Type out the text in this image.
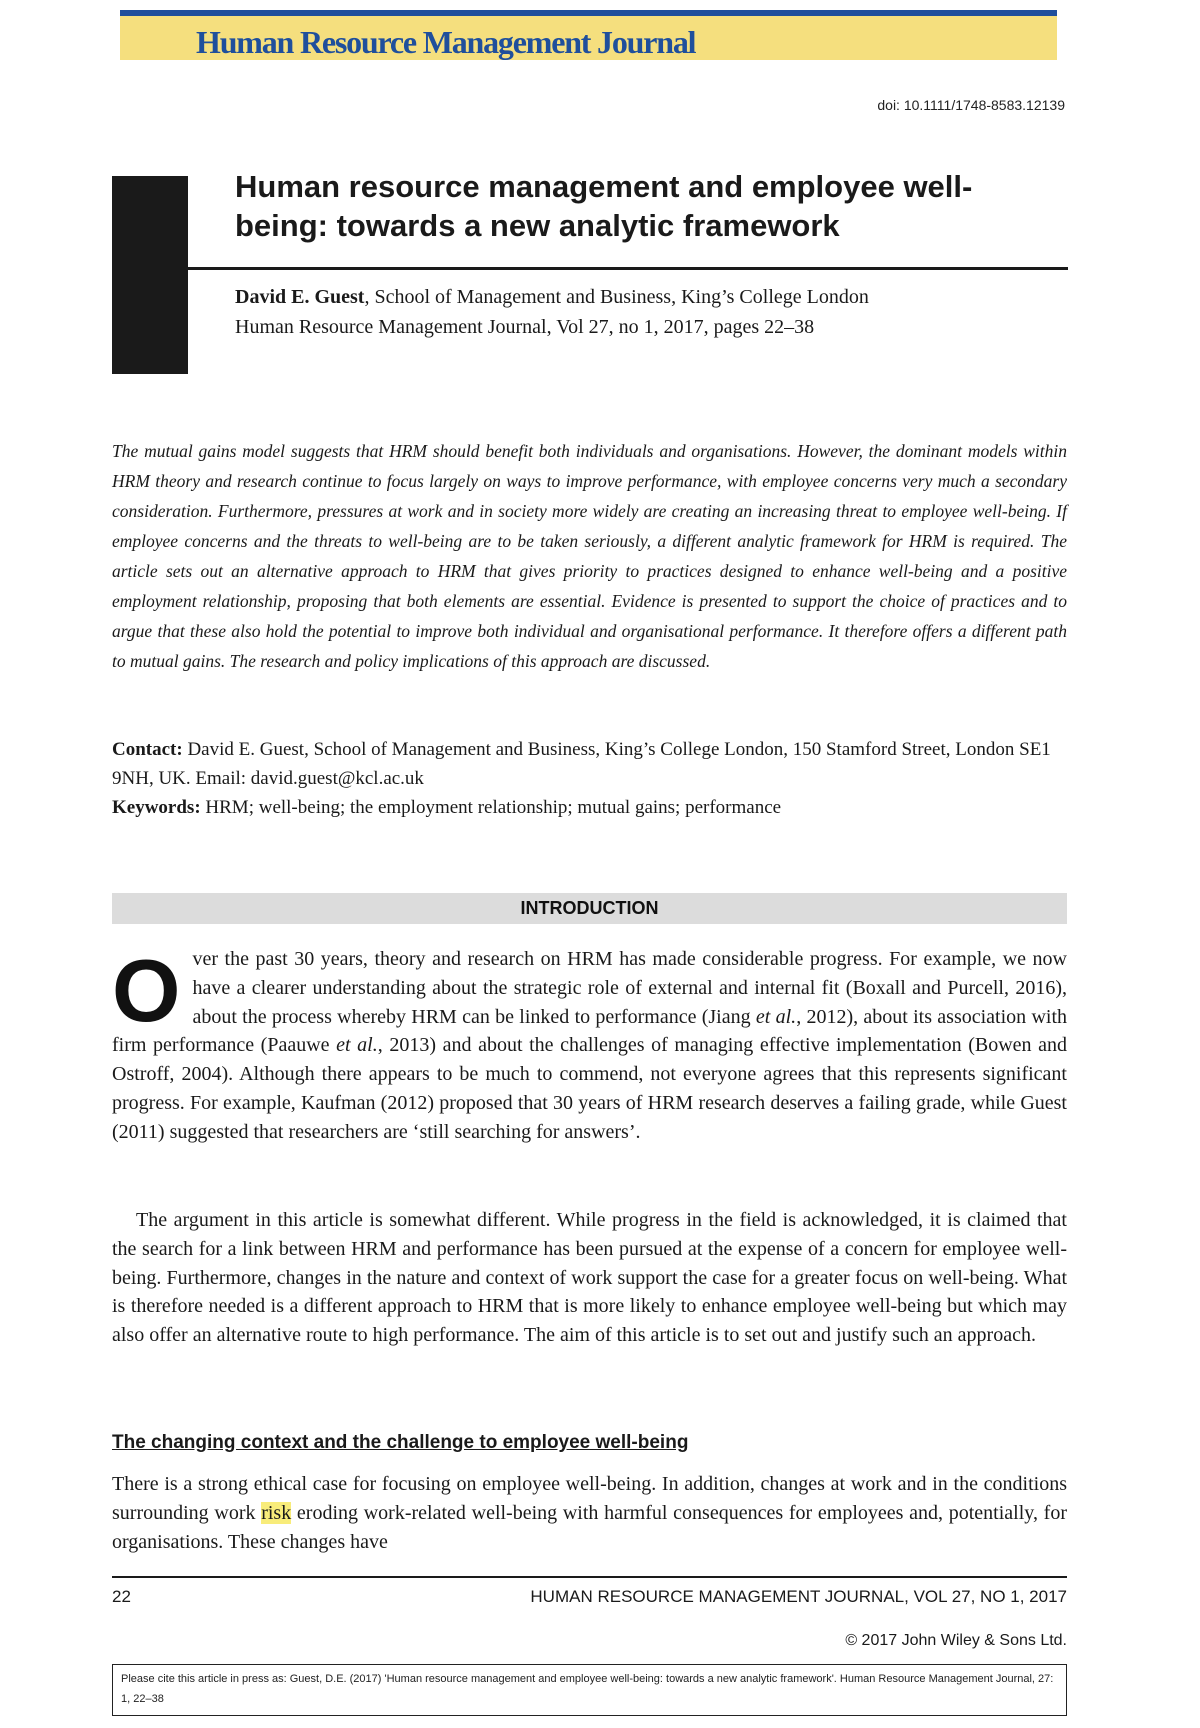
Human Resource Management Journal
doi: 10.1111/1748-8583.12139
Human resource management and employee well-being: towards a new analytic framework
David E. Guest, School of Management and Business, King’s College London
Human Resource Management Journal, Vol 27, no 1, 2017, pages 22–38

The mutual gains model suggests that HRM should benefit both individuals and organisations. However, the dominant models within HRM theory and research continue to focus largely on ways to improve performance, with employee concerns very much a secondary consideration. Furthermore, pressures at work and in society more widely are creating an increasing threat to employee well-being. If employee concerns and the threats to well-being are to be taken seriously, a different analytic framework for HRM is required. The article sets out an alternative approach to HRM that gives priority to practices designed to enhance well-being and a positive employment relationship, proposing that both elements are essential. Evidence is presented to support the choice of practices and to argue that these also hold the potential to improve both individual and organisational performance. It therefore offers a different path to mutual gains. The research and policy implications of this approach are discussed.

Contact: David E. Guest, School of Management and Business, King’s College London, 150 Stamford Street, London SE1 9NH, UK. Email: david.guest@kcl.ac.uk

Keywords: HRM; well-being; the employment relationship; mutual gains; performance

INTRODUCTION

Over the past 30 years, theory and research on HRM has made considerable progress. For example, we now have a clearer understanding about the strategic role of external and internal fit (Boxall and Purcell, 2016), about the process whereby HRM can be linked to performance (Jiang et al., 2012), about its association with firm performance (Paauwe et al., 2013) and about the challenges of managing effective implementation (Bowen and Ostroff, 2004). Although there appears to be much to commend, not everyone agrees that this represents significant progress. For example, Kaufman (2012) proposed that 30 years of HRM research deserves a failing grade, while Guest (2011) suggested that researchers are ‘still searching for answers’.

The argument in this article is somewhat different. While progress in the field is acknowledged, it is claimed that the search for a link between HRM and performance has been pursued at the expense of a concern for employee well-being. Furthermore, changes in the nature and context of work support the case for a greater focus on well-being. What is therefore needed is a different approach to HRM that is more likely to enhance employee well-being but which may also offer an alternative route to high performance. The aim of this article is to set out and justify such an approach.

The changing context and the challenge to employee well-being

There is a strong ethical case for focusing on employee well-being. In addition, changes at work and in the conditions surrounding work risk eroding work-related well-being with harmful consequences for employees and, potentially, for organisations. These changes have

22	HUMAN RESOURCE MANAGEMENT JOURNAL, VOL 27, NO 1, 2017
© 2017 John Wiley & Sons Ltd.
Please cite this article in press as: Guest, D.E. (2017) 'Human resource management and employee well-being: towards a new analytic framework'. Human Resource Management Journal, 27: 1, 22–38
